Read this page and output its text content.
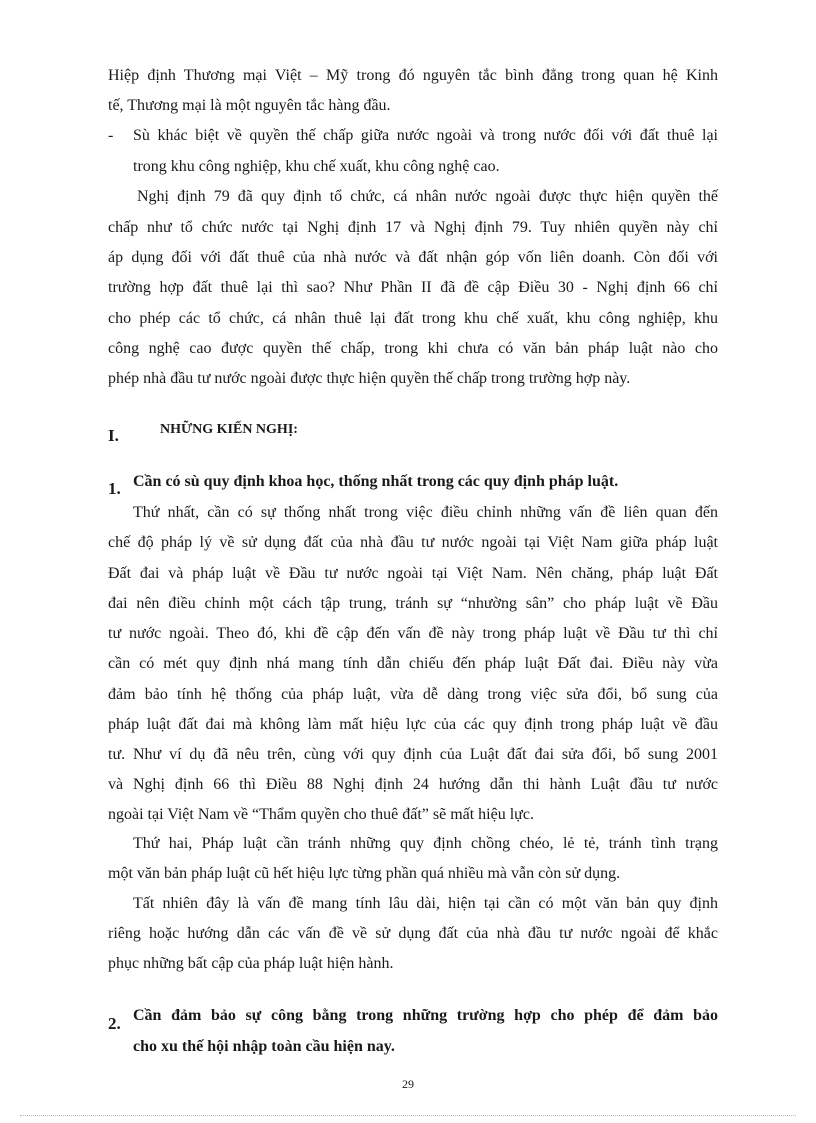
Hiệp định Thương mại Việt – Mỹ trong đó nguyên tắc bình đẳng trong quan hệ Kinh
tế, Thương mại là một nguyên tắc hàng đầu.
- Sù khác biệt về quyền thế chấp giữa nước ngoài và trong nước đối với đất thuê lại
trong khu công nghiệp, khu chế xuất, khu công nghệ cao.
Nghị định 79 đã quy định tổ chức, cá nhân nước ngoài được thực hiện quyền thế
chấp như tổ chức nước tại Nghị định 17 và Nghị định 79. Tuy nhiên quyền này chỉ
áp dụng đối với đất thuê của nhà nước và đất nhận góp vốn liên doanh. Còn đối với
trường hợp đất thuê lại thì sao? Như Phần II đã đề cập Điều 30 - Nghị định 66 chỉ
cho phép các tổ chức, cá nhân thuê lại đất trong khu chế xuất, khu công nghiệp, khu
công nghệ cao được quyền thế chấp, trong khi chưa có văn bản pháp luật nào cho
phép nhà đầu tư nước ngoài được thực hiện quyền thế chấp trong trường hợp này.
I.	NHỮNG KIẾN NGHỊ:
1. Cần có sù quy định khoa học, thống nhất trong các quy định pháp luật.
Thứ nhất, cần có sự thống nhất trong việc điều chỉnh những vấn đề liên quan đến
chế độ pháp lý về sử dụng đất của nhà đầu tư nước ngoài tại Việt Nam giữa pháp luật
Đất đai và pháp luật về Đầu tư nước ngoài tại Việt Nam. Nên chăng, pháp luật Đất
đai nên điều chỉnh một cách tập trung, tránh sự “nhường sân” cho pháp luật về Đầu
tư nước ngoài. Theo đó, khi đề cập đến vấn đề này trong pháp luật về Đầu tư thì chỉ
cần có mét quy định nhá mang tính dẫn chiếu đến pháp luật Đất đai. Điều này vừa
đảm bảo tính hệ thống của pháp luật, vừa dễ dàng trong việc sửa đổi, bổ sung của
pháp luật đất đai mà không làm mất hiệu lực của các quy định trong pháp luật về đầu
tư. Như ví dụ đã nêu trên, cùng với quy định của Luật đất đai sửa đổi, bổ sung 2001
và Nghị định 66 thì Điều 88 Nghị định 24 hướng dẫn thi hành Luật đầu tư nước
ngoài tại Việt Nam về “Thẩm quyền cho thuê đất” sẽ mất hiệu lực.
Thứ hai, Pháp luật cần tránh những quy định chồng chéo, lẻ tẻ, tránh tình trạng
một văn bản pháp luật cũ hết hiệu lực từng phần quá nhiều mà vẫn còn sử dụng.
Tất nhiên đây là vấn đề mang tính lâu dài, hiện tại cần có một văn bản quy định
riêng hoặc hướng dẫn các vấn đề về sử dụng đất của nhà đầu tư nước ngoài để khắc
phục những bất cập của pháp luật hiện hành.
2. Cần đảm bảo sự công bằng trong những trường hợp cho phép để đảm bảo
cho xu thế hội nhập toàn cầu hiện nay.
29
